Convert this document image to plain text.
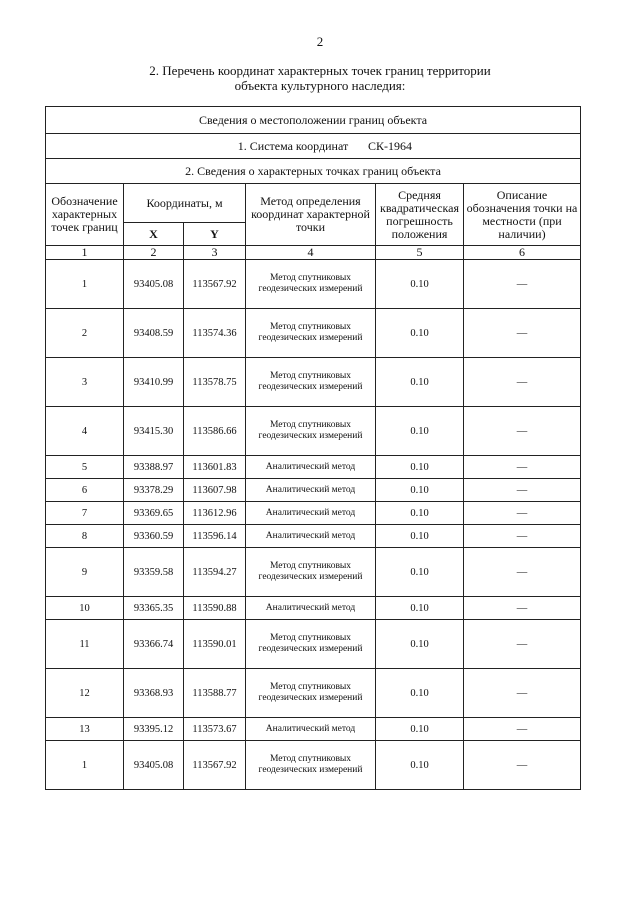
2
2. Перечень координат характерных точек границ территории
объекта культурного наследия:
Сведения о местоположении границ объекта					
1. Система координат СК-1964					
2. Сведения о характерных точках границ объекта					
Обозначение характерных точек границ	Координаты, м		Метод определения координат характерной точки	Средняя квадратическая погрешность положения	Описание обозначения точки на местности (при наличии)
	X	Y			
1	2	3	4	5	6
1	93405.08	113567.92	Метод спутниковых геодезических измерений	0.10	—
2	93408.59	113574.36	Метод спутниковых геодезических измерений	0.10	—
3	93410.99	113578.75	Метод спутниковых геодезических измерений	0.10	—
4	93415.30	113586.66	Метод спутниковых геодезических измерений	0.10	—
5	93388.97	113601.83	Аналитический метод	0.10	—
6	93378.29	113607.98	Аналитический метод	0.10	—
7	93369.65	113612.96	Аналитический метод	0.10	—
8	93360.59	113596.14	Аналитический метод	0.10	—
9	93359.58	113594.27	Метод спутниковых геодезических измерений	0.10	—
10	93365.35	113590.88	Аналитический метод	0.10	—
11	93366.74	113590.01	Метод спутниковых геодезических измерений	0.10	—
12	93368.93	113588.77	Метод спутниковых геодезических измерений	0.10	—
13	93395.12	113573.67	Аналитический метод	0.10	—
1	93405.08	113567.92	Метод спутниковых геодезических измерений	0.10	—
